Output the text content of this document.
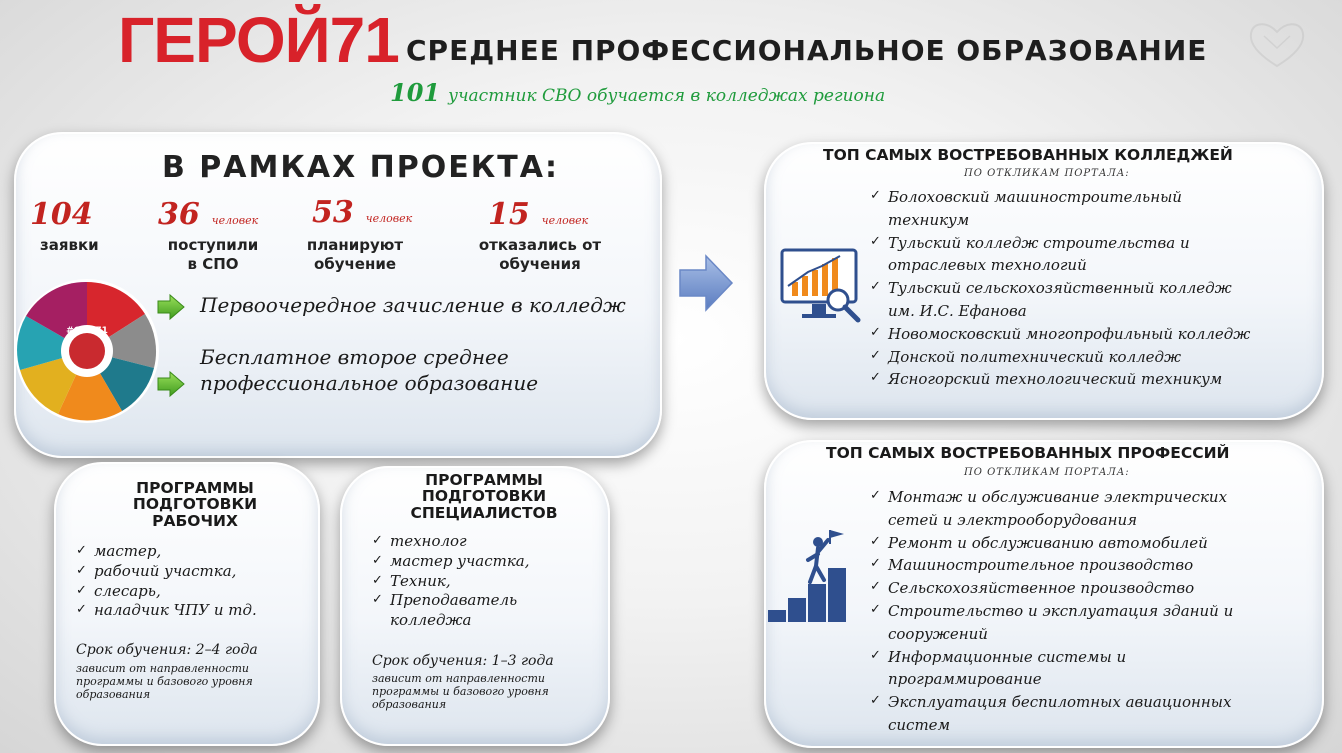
ГЕРОЙ71 СРЕДНЕЕ ПРОФЕССИОНАЛЬНОЕ ОБРАЗОВАНИЕ
101 участник СВО обучается в колледжах региона
В РАМКАХ ПРОЕКТА:
104
заявки
36 человек
поступили
в СПО
53 человек
планируют
обучение
15 человек
отказались от
обучения
#СПО71
Первоочередное зачисление в колледж
Бесплатное второе среднее
профессиональное образование
ТОП САМЫХ ВОСТРЕБОВАННЫХ КОЛЛЕДЖЕЙ
ПО ОТКЛИКАМ ПОРТАЛА:
✓ Болоховский машиностроительный
техникум
✓ Тульский колледж строительства и
отраслевых технологий
✓ Тульский сельскохозяйственный колледж
им. И.С. Ефанова
✓ Новомосковский многопрофильный колледж
✓ Донской политехнический колледж
✓ Ясногорский технологический техникум
ТОП САМЫХ ВОСТРЕБОВАННЫХ ПРОФЕССИЙ
ПО ОТКЛИКАМ ПОРТАЛА:
✓ Монтаж и обслуживание электрических
сетей и электрооборудования
✓ Ремонт и обслуживанию автомобилей
✓ Машиностроительное производство
✓ Сельскохозяйственное производство
✓ Строительство и эксплуатация зданий и
сооружений
✓ Информационные системы и
программирование
✓ Эксплуатация беспилотных авиационных
систем
ПРОГРАММЫ
ПОДГОТОВКИ
РАБОЧИХ
✓ мастер,
✓ рабочий участка,
✓ слесарь,
✓ наладчик ЧПУ и тд.
Срок обучения: 2–4 года
зависит от направленности
программы и базового уровня
образования
ПРОГРАММЫ
ПОДГОТОВКИ
СПЕЦИАЛИСТОВ
✓ технолог
✓ мастер участка,
✓ Техник,
✓ Преподаватель
колледжа
Срок обучения: 1–3 года
зависит от направленности
программы и базового уровня
образования
